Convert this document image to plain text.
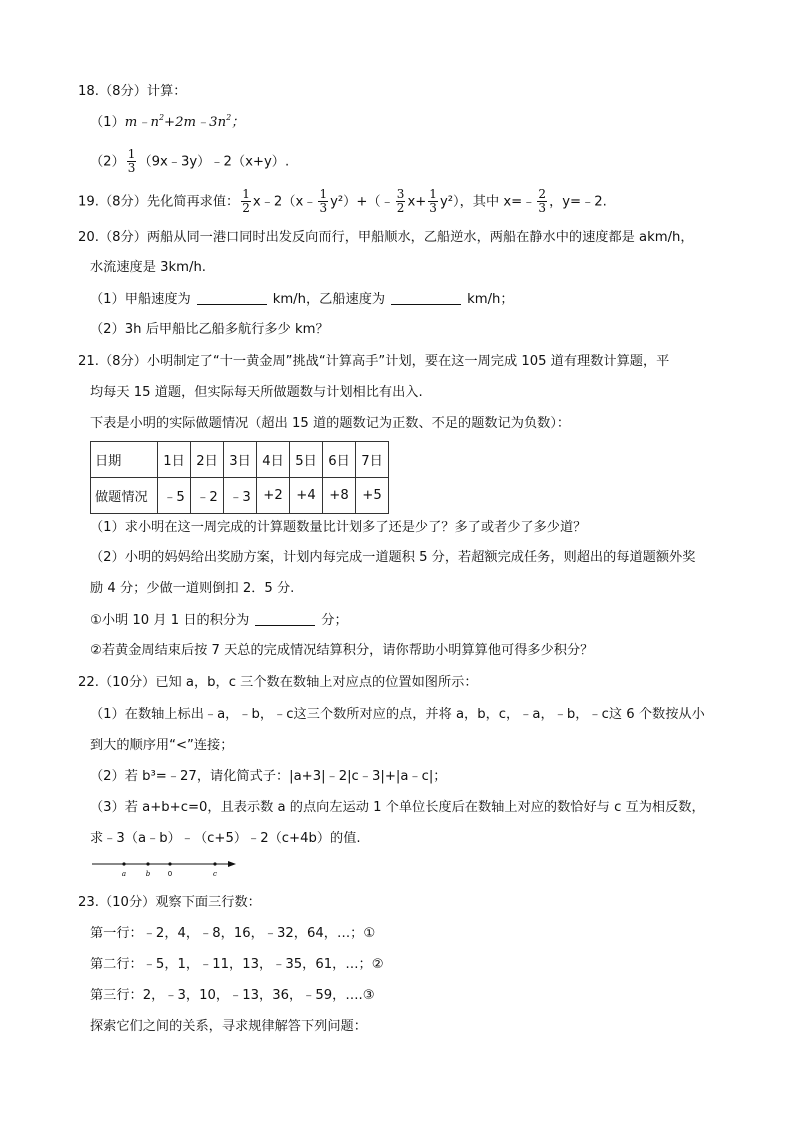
18.（8分）计算：
$(1)m﹣n^2+2m﹣3n^2$；
$(2) \frac{1}{3}$ （9x﹣3y）﹣2（x+y）.
19.（8分）先化简再求值： $\frac{1}{2}$ x﹣2（x﹣ $\frac{1}{3}$ y²）+（﹣ $\frac{3}{2} x+ \frac{1}{3} y^2$），其中 x=﹣ $\frac{2}{3}$ ，y=﹣2.
20.（8分）两船从同一港口同时出发反向而行，甲船顺水，乙船逆水，两船在静水中的速度都是 akm/h，
水流速度是 3km/h.
（1）甲船速度为	km/h，乙船速度为	km/h；
（2）3h 后甲船比乙船多航行多少 km？
21.（8分）小明制定了“十一黄金周”挑战“计算高手”计划，要在这一周完成 105 道有理数计算题，平
均每天 15 道题，但实际每天所做题数与计划相比有出入.
下表是小明的实际做题情况（超出 15 道的题数记为正数、不足的题数记为负数）：
日期	1日	2日	3日	4日	5日	6日	7日
做题情况	﹣5	﹣2	﹣3	+2	+4	+8	+5
（1）求小明在这一周完成的计算题数量比计划多了还是少了？多了或者少了多少道？
（2）小明的妈妈给出奖励方案，计划内每完成一道题积 5 分，若超额完成任务，则超出的每道题额外奖
励 4 分；少做一道则倒扣 2．5 分.
①小明 10 月 1 日的积分为	分；
②若黄金周结束后按 7 天总的完成情况结算积分，请你帮助小明算算他可得多少积分？
22.（10分）已知 a，b，c 三个数在数轴上对应点的位置如图所示：
（1）在数轴上标出﹣a，﹣b，﹣c这三个数所对应的点，并将 a，b，c，﹣a，﹣b，﹣c这 6 个数按从小
到大的顺序用“<”连接；
（2）若 b³=﹣27，请化简式子：|a+3|﹣2|c﹣3|+|a﹣c|；
（3）若 a+b+c=0，且表示数 a 的点向左运动 1 个单位长度后在数轴上对应的数恰好与 c 互为相反数，
求﹣3（a﹣b）﹣（c+5）﹣2（c+4b）的值.
a	b	0	c
23.（10分）观察下面三行数：
第一行：﹣2，4，﹣8，16，﹣32，64，…；①
第二行：﹣5，1，﹣11，13，﹣35，61，…；②
第三行：2，﹣3，10，﹣13，36，﹣59，….③
探索它们之间的关系，寻求规律解答下列问题：
